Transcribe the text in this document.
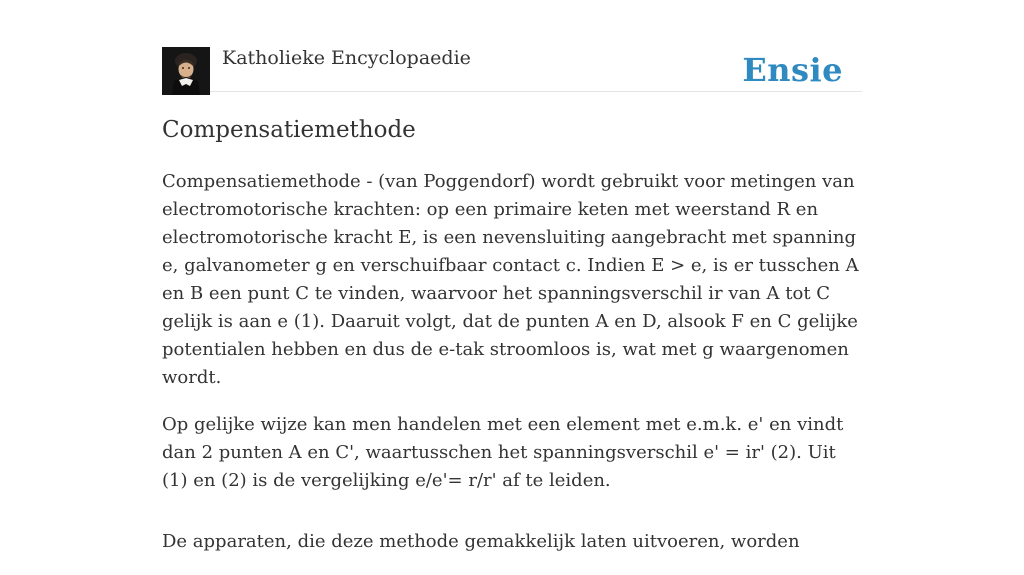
Katholieke Encyclopaedie	Ensie
Compensatiemethode

Compensatiemethode - (van Poggendorf) wordt gebruikt voor metingen van electromotorische krachten: op een primaire keten met weerstand R en electromotorische kracht E, is een nevensluiting aangebracht met spanning e, galvanometer g en verschuifbaar contact c. Indien E > e, is er tusschen A en B een punt C te vinden, waarvoor het spanningsverschil ir van A tot C gelijk is aan e (1). Daaruit volgt, dat de punten A en D, alsook F en C gelijke potentialen hebben en dus de e-tak stroomloos is, wat met g waargenomen wordt.

Op gelijke wijze kan men handelen met een element met e.m.k. e' en vindt dan 2 punten A en C', waartusschen het spanningsverschil e' = ir' (2). Uit (1) en (2) is de vergelijking e/e'= r/r' af te leiden.

De apparaten, die deze methode gemakkelijk laten uitvoeren, worden
